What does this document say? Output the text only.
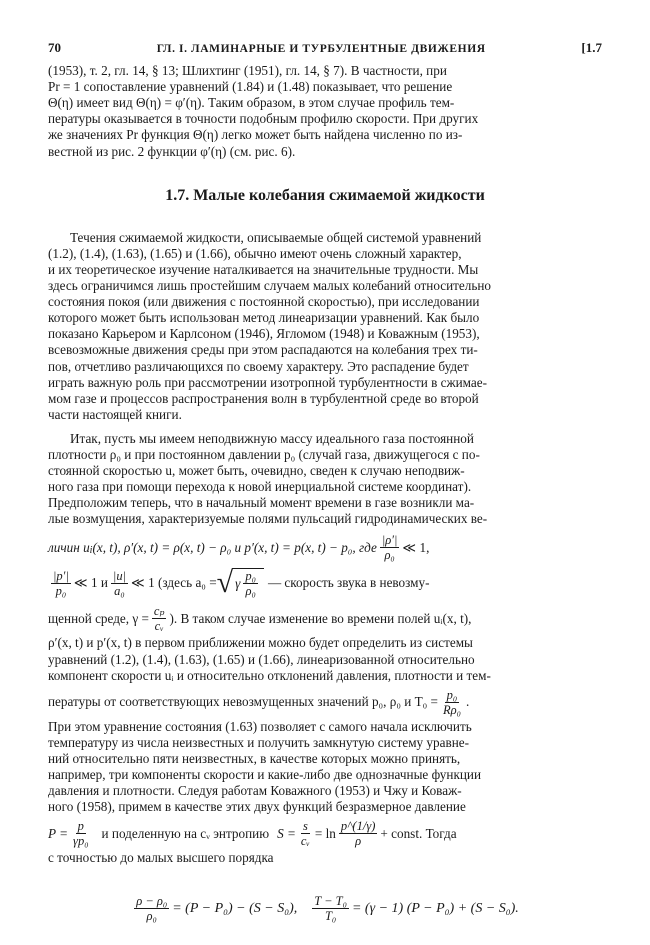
70	ГЛ. I. ЛАМИНАРНЫЕ И ТУРБУЛЕНТНЫЕ ДВИЖЕНИЯ	[1.7

(1953), т. 2, гл. 14, § 13; Шлихтинг (1951), гл. 14, § 7). В частности, при

Pr = 1 сопоставление уравнений (1.84) и (1.48) показывает, что решение

Θ(η) имеет вид Θ(η) = φ′(η). Таким образом, в этом случае профиль тем-

пературы оказывается в точности подобным профилю скорости. При других

же значениях Pr функция Θ(η) легко может быть найдена численно по из-

вестной из рис. 2 функции φ′(η) (см. рис. 6).

1.7. Малые колебания сжимаемой жидкости

Течения сжимаемой жидкости, описываемые общей системой уравнений

(1.2), (1.4), (1.63), (1.65) и (1.66), обычно имеют очень сложный характер,

и их теоретическое изучение наталкивается на значительные трудности. Мы

здесь ограничимся лишь простейшим случаем малых колебаний относительно

состояния покоя (или движения с постоянной скоростью), при исследовании

которого может быть использован метод линеаризации уравнений. Как было

показано Карьером и Карлсоном (1946), Ягломом (1948) и Коважным (1953),

всевозможные движения среды при этом распадаются на колебания трех ти-

пов, отчетливо различающихся по своему характеру. Это распадение будет

играть важную роль при рассмотрении изотропной турбулентности в сжимае-

мом газе и процессов распространения волн в турбулентной среде во второй

части настоящей книги.

Итак, пусть мы имеем неподвижную массу идеального газа постоянной

плотности ρ₀ и при постоянном давлении p₀ (случай газа, движущегося с по-

стоянной скоростью u, может быть, очевидно, сведен к случаю неподвиж-

ного газа при помощи перехода к новой инерциальной системе координат).

Предположим теперь, что в начальный момент времени в газе возникли ма-

лые возмущения, характеризуемые полями пульсаций гидродинамических ве-

личин u i (x, t), ρ′(x, t) = ρ(x, t) − ρ₀ и p′(x, t) = p(x, t) − p₀, где $\frac{|\rho'|}{\text{ρ₀}}$ ≪ 1,
$\frac{|p'|}{\text{p₀}}$ ≪ 1 и $\frac{|u|}{\text{a₀}}$ ≪ 1 (здесь a₀ = √ γ $\frac{\text{p₀}}{\text{ρ₀}}$ — скорость звука в невозму-
щенной среде, $\gamma = \frac{\text{cₚ}}{\text{cᵥ}}$ ). В таком случае изменение во времени полей uᵢ(x, t),

ρ′(x, t) и p′(x, t) в первом приближении можно будет определить из системы

уравнений (1.2), (1.4), (1.63), (1.65) и (1.66), линеаризованной относительно

компонент скорости uᵢ и относительно отклонений давления, плотности и тем-

пературы от соответствующих невозмущенных значений p₀, ρ₀ и $T_0 = \frac{\text{p₀}}{\text{Rρ₀}}$ .

При этом уравнение состояния (1.63) позволяет с самого начала исключить

температуру из числа неизвестных и получить замкнутую систему уравне-

ний относительно пяти неизвестных, в качестве которых можно принять,

например, три компоненты скорости и какие-либо две однозначные функции

давления и плотности. Следуя работам Коважного (1953) и Чжу и Коваж-

ного (1958), примем в качестве этих двух функций безразмерное давление

$P = \frac{p}{\text{γp₀}}$ и поделенную на cᵥ энтропию $S = \frac{s}{\text{cᵥ}} = \ln \frac{p\^{}(1/\gamma)}{\rho}$ + const. Тогда

с точностью до малых высшего порядка

$\frac{\text{ρ − ρ₀}}{\text{ρ₀}} = (P - P_0) - (S - S_0)$, $\frac{\text{T − T₀}}{\text{T₀}} = (\gamma - 1) (P - P_0) + (S - S_0)$.
